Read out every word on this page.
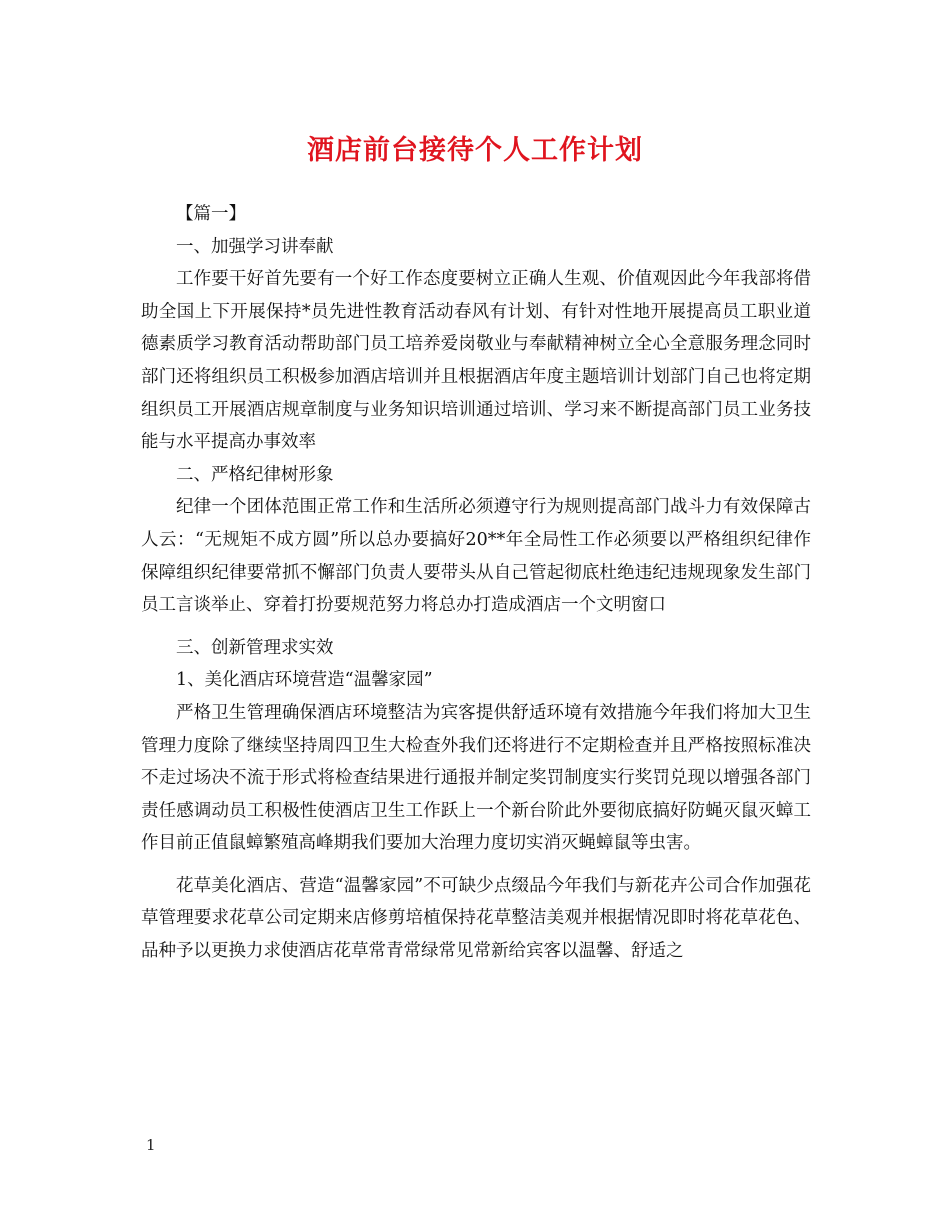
酒店前台接待个人工作计划

【篇一】

一、加强学习讲奉献

工作要干好首先要有一个好工作态度要树立正确人生观、价值观因此今年我部将借助全国上下开展保持*员先进性教育活动春风有计划、有针对性地开展提高员工职业道德素质学习教育活动帮助部门员工培养爱岗敬业与奉献精神树立全心全意服务理念同时部门还将组织员工积极参加酒店培训并且根据酒店年度主题培训计划部门自己也将定期组织员工开展酒店规章制度与业务知识培训通过培训、学习来不断提高部门员工业务技能与水平提高办事效率

二、严格纪律树形象

纪律一个团体范围正常工作和生活所必须遵守行为规则提高部门战斗力有效保障古人云：“无规矩不成方圆”所以总办要搞好20**年全局性工作必须要以严格组织纪律作保障组织纪律要常抓不懈部门负责人要带头从自己管起彻底杜绝违纪违规现象发生部门员工言谈举止、穿着打扮要规范努力将总办打造成酒店一个文明窗口

三、创新管理求实效

1、美化酒店环境营造“温馨家园”

严格卫生管理确保酒店环境整洁为宾客提供舒适环境有效措施今年我们将加大卫生管理力度除了继续坚持周四卫生大检查外我们还将进行不定期检查并且严格按照标准决不走过场决不流于形式将检查结果进行通报并制定奖罚制度实行奖罚兑现以增强各部门责任感调动员工积极性使酒店卫生工作跃上一个新台阶此外要彻底搞好防蝇灭鼠灭蟑工作目前正值鼠蟑繁殖高峰期我们要加大治理力度切实消灭蝇蟑鼠等虫害。

花草美化酒店、营造“温馨家园”不可缺少点缀品今年我们与新花卉公司合作加强花草管理要求花草公司定期来店修剪培植保持花草整洁美观并根据情况即时将花草花色、品种予以更换力求使酒店花草常青常绿常见常新给宾客以温馨、舒适之

1
